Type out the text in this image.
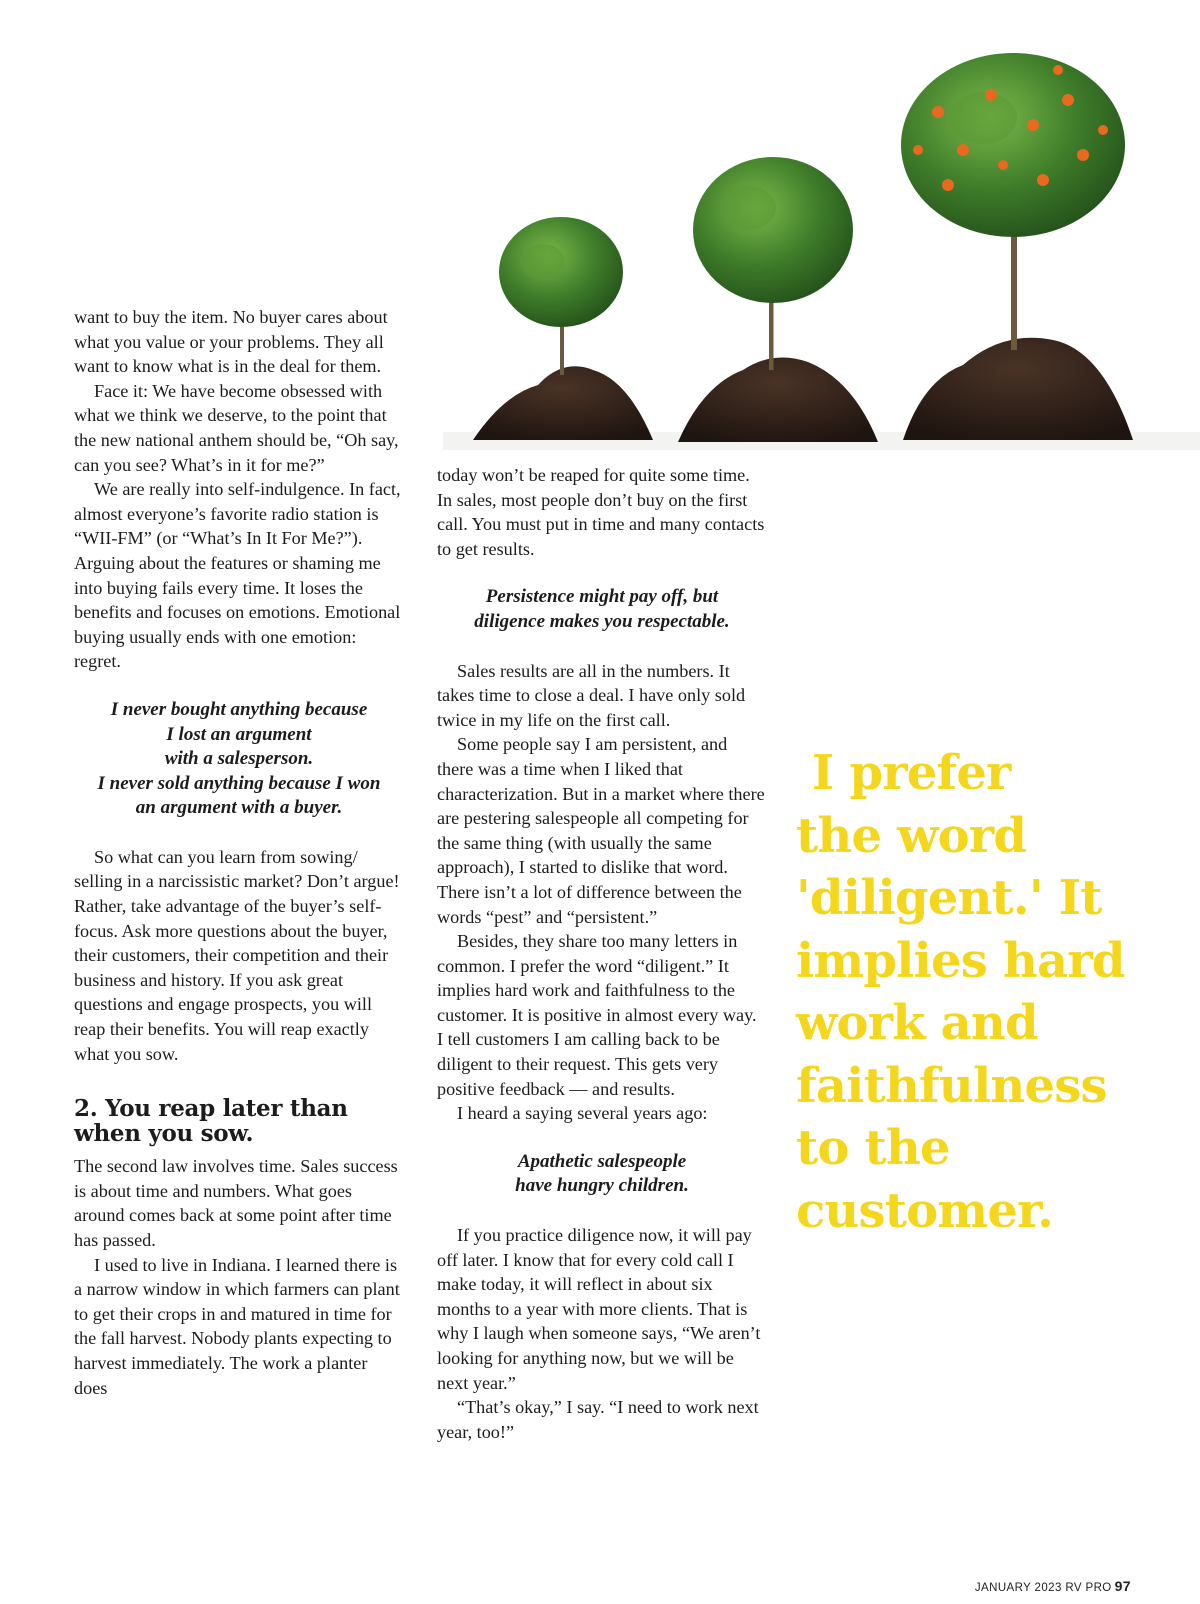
want to buy the item. No buyer cares about what you value or your problems. They all want to know what is in the deal for them.

Face it: We have become obsessed with what we think we deserve, to the point that the new national anthem should be, “Oh say, can you see? What’s in it for me?”

We are really into self-indulgence. In fact, almost everyone’s favorite radio station is “WII-FM” (or “What’s In It For Me?”). Arguing about the features or shaming me into buying fails every time. It loses the benefits and focuses on emotions. Emotional buying usually ends with one emotion: regret.

I never bought anything because

I lost an argument

with a salesperson.

I never sold anything because I won

an argument with a buyer.

So what can you learn from sowing/ selling in a narcissistic market? Don’t argue! Rather, take advantage of the buyer’s self-focus. Ask more questions about the buyer, their customers, their competition and their business and history. If you ask great questions and engage prospects, you will reap their benefits. You will reap exactly what you sow.

2. You reap later than

when you sow.

The second law involves time. Sales success is about time and numbers. What goes around comes back at some point after time has passed.

I used to live in Indiana. I learned there is a narrow window in which farmers can plant to get their crops in and matured in time for the fall harvest. Nobody plants expecting to harvest immediately. The work a planter does

today won’t be reaped for quite some time. In sales, most people don’t buy on the first call. You must put in time and many contacts to get results.

Persistence might pay off, but

diligence makes you respectable.

Sales results are all in the numbers. It takes time to close a deal. I have only sold twice in my life on the first call.

Some people say I am persistent, and there was a time when I liked that characterization. But in a market where there are pestering salespeople all competing for the same thing (with usually the same approach), I started to dislike that word. There isn’t a lot of difference between the words “pest” and “persistent.”

Besides, they share too many letters in common. I prefer the word “diligent.” It implies hard work and faithfulness to the customer. It is positive in almost every way. I tell customers I am calling back to be diligent to their request. This gets very positive feedback — and results.

I heard a saying several years ago:

Apathetic salespeople

have hungry children.

If you practice diligence now, it will pay off later. I know that for every cold call I make today, it will reflect in about six months to a year with more clients. That is why I laugh when someone says, “We aren’t looking for anything now, but we will be next year.”

“That’s okay,” I say. “I need to work next year, too!”

I prefer
the word
'diligent.' It
implies hard
work and
faithfulness
to the
customer.
JANUARY 2023 RV PRO 97
